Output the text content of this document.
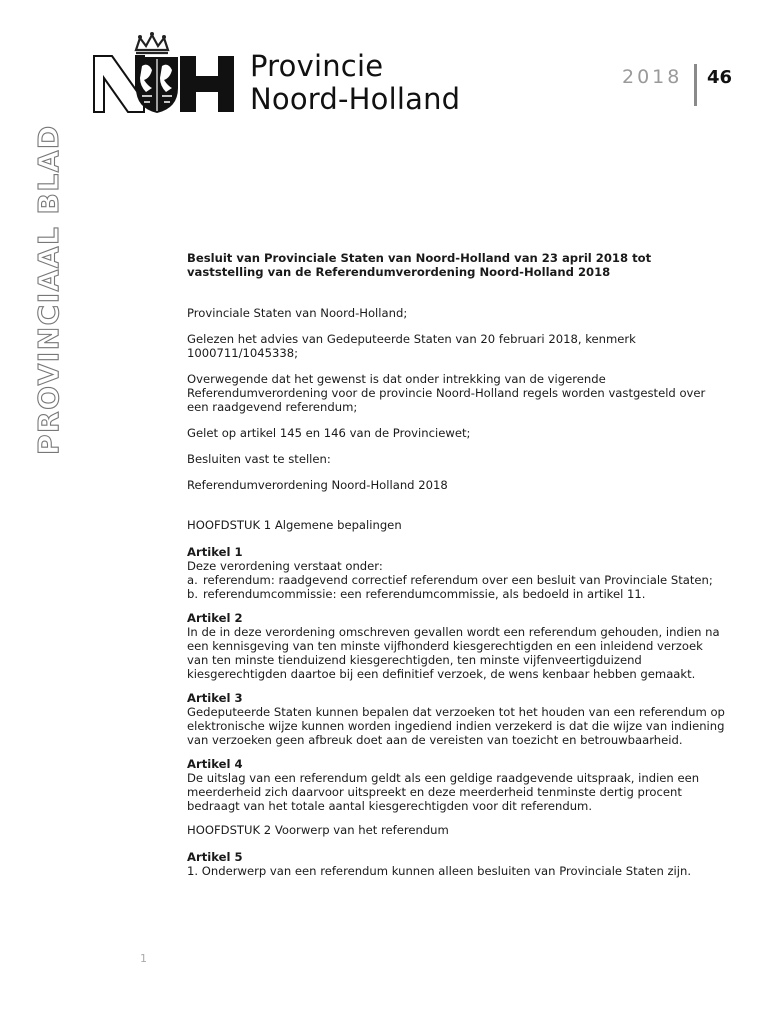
Provincie
Noord-Holland
2018 46
PROVINCIAAL BLAD	Besluit van Provinciale Staten van Noord-Holland van 23 april 2018 tot vaststelling van de Referendumverordening Noord-Holland 2018

Provinciale Staten van Noord-Holland;

Gelezen het advies van Gedeputeerde Staten van 20 februari 2018, kenmerk 1000711/1045338;

Overwegende dat het gewenst is dat onder intrekking van de vigerende Referendumverordening voor de provincie Noord-Holland regels worden vastgesteld over een raadgevend referendum;

Gelet op artikel 145 en 146 van de Provinciewet;

Besluiten vast te stellen:

Referendumverordening Noord-Holland 2018

HOOFDSTUK 1 Algemene bepalingen

Artikel 1

Deze verordening verstaat onder:

a. referendum: raadgevend correctief referendum over een besluit van Provinciale Staten;
b. referendumcommissie: een referendumcommissie, als bedoeld in artikel 11.

Artikel 2

In de in deze verordening omschreven gevallen wordt een referendum gehouden, indien na een kennisgeving van ten minste vijfhonderd kiesgerechtigden en een inleidend verzoek van ten minste tienduizend kiesgerechtigden, ten minste vijfenveertigduizend kiesgerechtigden daartoe bij een definitief verzoek, de wens kenbaar hebben gemaakt.

Artikel 3

Gedeputeerde Staten kunnen bepalen dat verzoeken tot het houden van een referendum op elektronische wijze kunnen worden ingediend indien verzekerd is dat die wijze van indiening van verzoeken geen afbreuk doet aan de vereisten van toezicht en betrouwbaarheid.

Artikel 4

De uitslag van een referendum geldt als een geldige raadgevende uitspraak, indien een meerderheid zich daarvoor uitspreekt en deze meerderheid tenminste dertig procent bedraagt van het totale aantal kiesgerechtigden voor dit referendum.

HOOFDSTUK 2 Voorwerp van het referendum

Artikel 5

1. Onderwerp van een referendum kunnen alleen besluiten van Provinciale Staten zijn.

1
